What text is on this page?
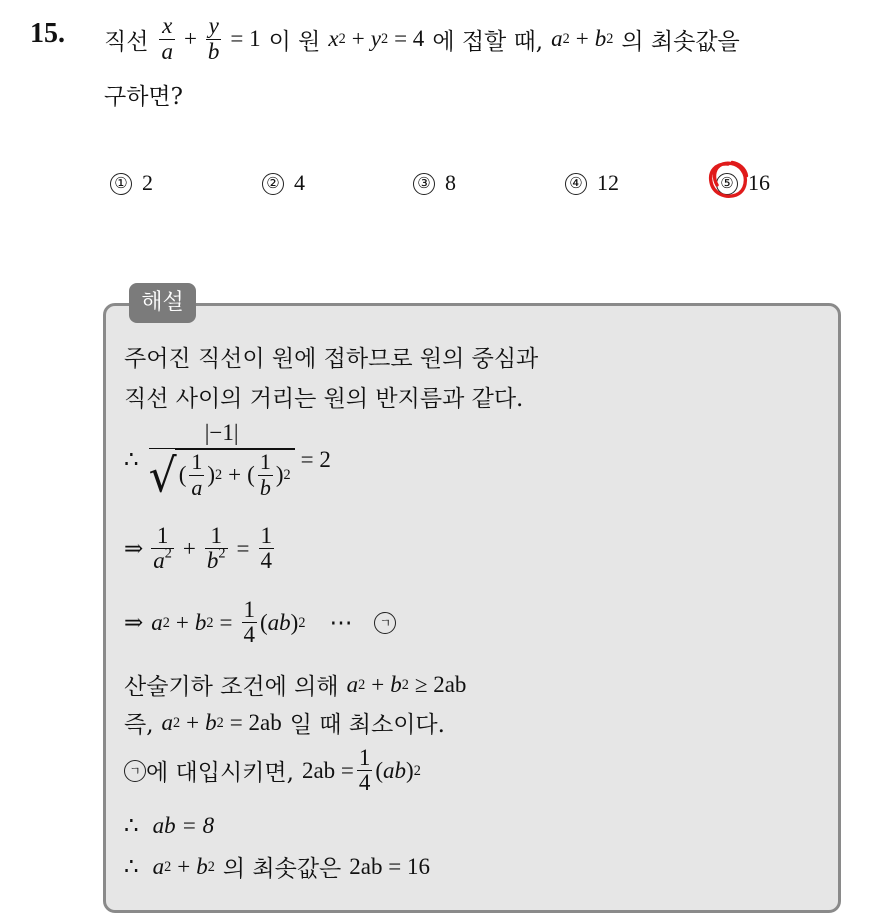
15. 직선 $\frac{x}{a} + \frac{y}{b} = 1$ 이 원 x 2 + y 2 = 4 에 접할 때, a 2 + b 2 의 최솟값을
구하면?
① 2	② 4	③ 8	④ 12	⑤ 16
해설
주어진 직선이 원에 접하므로 원의 중심과
직선 사이의 거리는 원의 반지름과 같다.
∴
|−1|
√ ( $\frac{1}{a}$ ) 2 + ( $\frac{1}{b}$ ) 2
= 2
⇒ $\frac{1}{a^2} + \frac{1}{b^2} = \frac{1}{4}$
⇒ a 2 + b $2 = \frac{1}{4}$ ( ab ) 2 ⋯	ㄱ
산술기하 조건에 의해 a 2 + b 2 ≥ 2ab
즉, a 2 + b 2 = 2ab 일 때 최소이다.
ㄱ 에 대입시키면, $2ab = \frac{1}{4}$ ( ab ) 2
∴ ab = 8
∴ a 2 + b 2 의 최솟값은 2ab = 16
